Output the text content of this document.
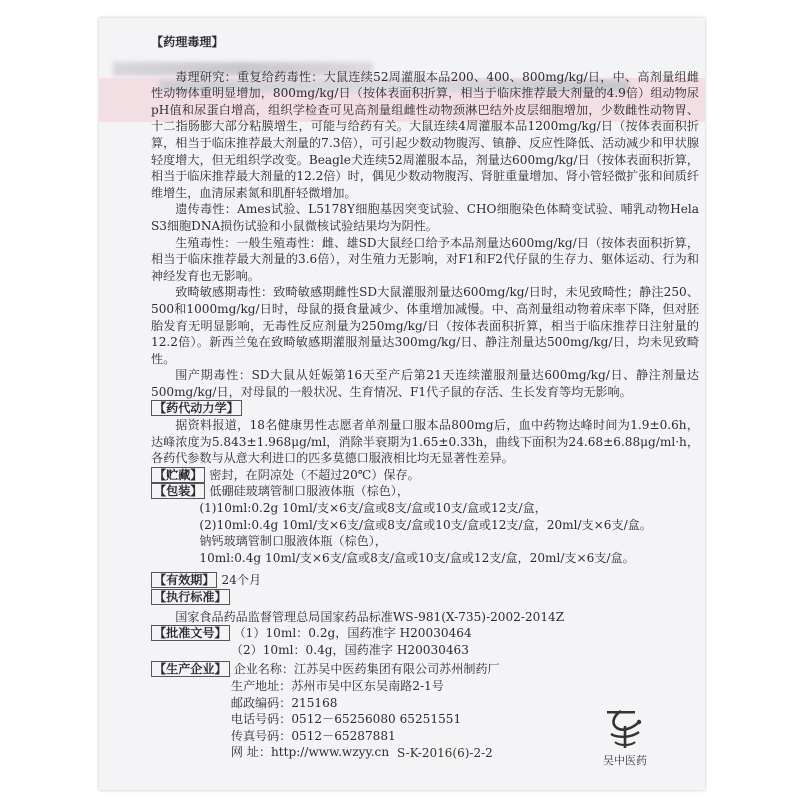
【药理毒理】

毒理研究：重复给药毒性：大鼠连续52周灌服本品200、400、800mg/kg/日，中、高剂量组雌性动物体重明显增加，800mg/kg/日（按体表面积折算，相当于临床推荐最大剂量的4.9倍）组动物尿pH值和尿蛋白增高，组织学检查可见高剂量组雌性动物颈淋巴结外皮层细胞增加，少数雌性动物胃、十二指肠膨大部分粘膜增生，可能与给药有关。大鼠连续4周灌服本品1200mg/kg/日（按体表面积折算，相当于临床推荐最大剂量的7.3倍），可引起少数动物腹泻、镇静、反应性降低、活动减少和甲状腺轻度增大，但无组织学改变。Beagle犬连续52周灌服本品，剂量达600mg/kg/日（按体表面积折算，相当于临床推荐最大剂量的12.2倍）时，偶见少数动物腹泻、肾脏重量增加、肾小管轻微扩张和间质纤维增生，血清尿素氮和肌酐轻微增加。

遗传毒性：Ames试验、L5178Y细胞基因突变试验、CHO细胞染色体畸变试验、哺乳动物Hela S3细胞DNA损伤试验和小鼠微核试验结果均为阴性。

生殖毒性：一般生殖毒性：雌、雄SD大鼠经口给予本品剂量达600mg/kg/日（按体表面积折算，相当于临床推荐最大剂量的3.6倍），对生殖力无影响，对F1和F2代仔鼠的生存力、躯体运动、行为和神经发育也无影响。

致畸敏感期毒性：致畸敏感期雌性SD大鼠灌服剂量达600mg/kg/日时，未见致畸性；静注250、500和1000mg/kg/日时，母鼠的摄食量减少、体重增加减慢。中、高剂量组动物着床率下降，但对胚胎发育无明显影响，无毒性反应剂量为250mg/kg/日（按体表面积折算，相当于临床推荐日注射量的12.2倍）。新西兰兔在致畸敏感期灌服剂量达300mg/kg/日、静注剂量达500mg/kg/日，均未见致畸性。

围产期毒性：SD大鼠从妊娠第16天至产后第21天连续灌服剂量达600mg/kg/日、静注剂量达500mg/kg/日，对母鼠的一般状况、生育情况、F1代子鼠的存活、生长发育等均无影响。

【药代动力学】

据资料报道，18名健康男性志愿者单剂量口服本品800mg后，血中药物达峰时间为1.9±0.6h，达峰浓度为5.843±1.968μg/ml，消除半衰期为1.65±0.33h，曲线下面积为24.68±6.88μg/ml·h，各药代参数与从意大利进口的匹多莫德口服液相比均无显著性差异。

【贮藏】 密封，在阴凉处（不超过20℃）保存。

【包装】 低硼硅玻璃管制口服液体瓶（棕色），

(1)10ml:0.2g 10ml/支×6支/盒或8支/盒或10支/盒或12支/盒，

(2)10ml:0.4g 10ml/支×6支/盒或8支/盒或10支/盒或12支/盒，20ml/支×6支/盒。

钠钙玻璃管制口服液体瓶（棕色），

10ml:0.4g 10ml/支×6支/盒或8支/盒或10支/盒或12支/盒，20ml/支×6支/盒。

【有效期】 24个月

【执行标准】

国家食品药品监督管理总局国家药品标准WS-981(X-735)-2002-2014Z

【批准文号】 （1）10ml：0.2g，国药准字 H20030464

（2）10ml：0.4g，国药准字 H20030463

【生产企业】 企业名称：江苏吴中医药集团有限公司苏州制药厂

生产地址：苏州市吴中区东吴南路2-1号

邮政编码：215168

电话号码：0512－65256080 65251551

传真号码：0512－65287881

网 址：http://www.wzyy.cn S-K-2016(6)-2-2
吴中医药
